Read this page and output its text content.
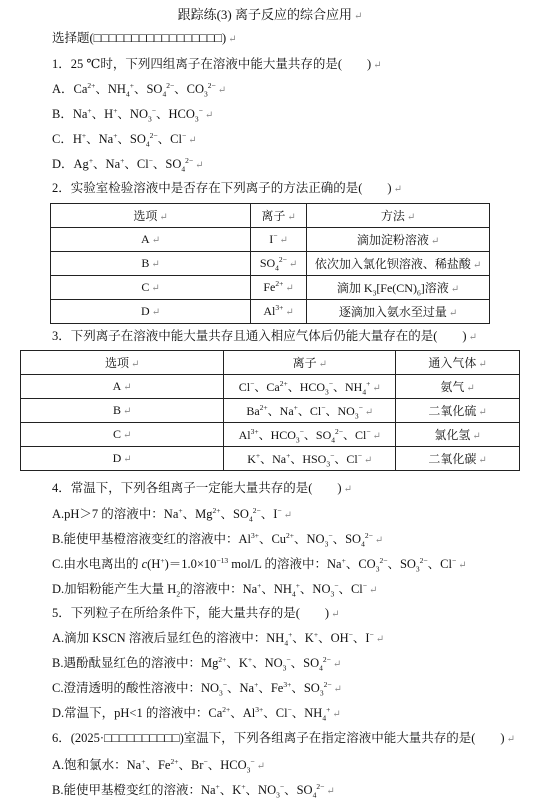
跟踪练(3) 离子反应的综合应用 ↵
选择题(□□□□□□□□□□□□□□□□□) ↵
1．25 ℃时，下列四组离子在溶液中能大量共存的是(　　) ↵
A．$Ca^{2+}$、$NH_4^+$、$SO_4^{2-}$、$CO_3^{2-}$ ↵
B．Na+、H+、$NO_3^-$、$HCO_3^-$ ↵
C．H+、Na+、$SO_4^{2-}$、Cl− ↵
D．Ag+、Na+、Cl−、$SO_4^{2-}$ ↵
2．实验室检验溶液中是否存在下列离子的方法正确的是(　　) ↵
选项 ↵	离子 ↵	方法 ↵
A ↵	I− ↵	滴加淀粉溶液 ↵
B ↵	$SO_4^{2-}$ ↵	依次加入氯化钡溶液、稀盐酸 ↵
C ↵	$Fe^{2+}$ ↵	滴加 $K_3[Fe(CN)_6]$溶液 ↵
D ↵	$Al^{3+}$ ↵	逐滴加入氨水至过量 ↵
3．下列离子在溶液中能大量共存且通入相应气体后仍能大量存在的是(　　) ↵
选项 ↵	离子 ↵	通入气体 ↵
A ↵	Cl−、$Ca^{2+}$、$HCO_3^-$、$NH_4^+$ ↵	氨气 ↵
B ↵	$Ba^{2+}$、Na+、Cl−、$NO_3^-$ ↵	二氧化硫 ↵
C ↵	$Al^{3+}$、$HCO_3^-$、$SO_4^{2-}$、Cl− ↵	氯化氢 ↵
D ↵	K+、Na+、$HSO_3^-$、Cl− ↵	二氧化碳 ↵
4．常温下，下列各组离子一定能大量共存的是(　　) ↵
A.pH＞7 的溶液中：Na+、$Mg^{2+}$、$SO_4^{2-}$、I− ↵
B.能使甲基橙溶液变红的溶液中：$Al^{3+}$、$Cu^{2+}$、$NO_3^-$、$SO_4^{2-}$ ↵
C.由水电离出的 $c(H^+)=1.0\times 10^{-13}$ mol/L 的溶液中：Na+、$CO_3^{2-}$、$SO_3^{2-}$、Cl− ↵
D.加铝粉能产生大量 $H_2$的溶液中：Na+、$NH_4^+$、$NO_3^-$、Cl− ↵
5．下列粒子在所给条件下，能大量共存的是(　　) ↵
A.滴加 KSCN 溶液后显红色的溶液中：$NH_4^+$、K+、OH−、I− ↵
B.遇酚酞显红色的溶液中：$Mg^{2+}$、K+、$NO_3^-$、$SO_4^{2-}$ ↵
C.澄清透明的酸性溶液中：$NO_3^-$、Na+、$Fe^{3+}$、$SO_3^{2-}$ ↵
D.常温下，pH<1 的溶液中：$Ca^{2+}$、$Al^{3+}$、Cl−、$NH_4^+$ ↵
6．(2025·□□□□□□□□□□)室温下，下列各组离子在指定溶液中能大量共存的是(　　) ↵
A.饱和氯水：Na+、$Fe^{2+}$、Br−、$HCO_3^-$ ↵
B.能使甲基橙变红的溶液：Na+、K+、$NO_3^-$、$SO_4^{2-}$ ↵
